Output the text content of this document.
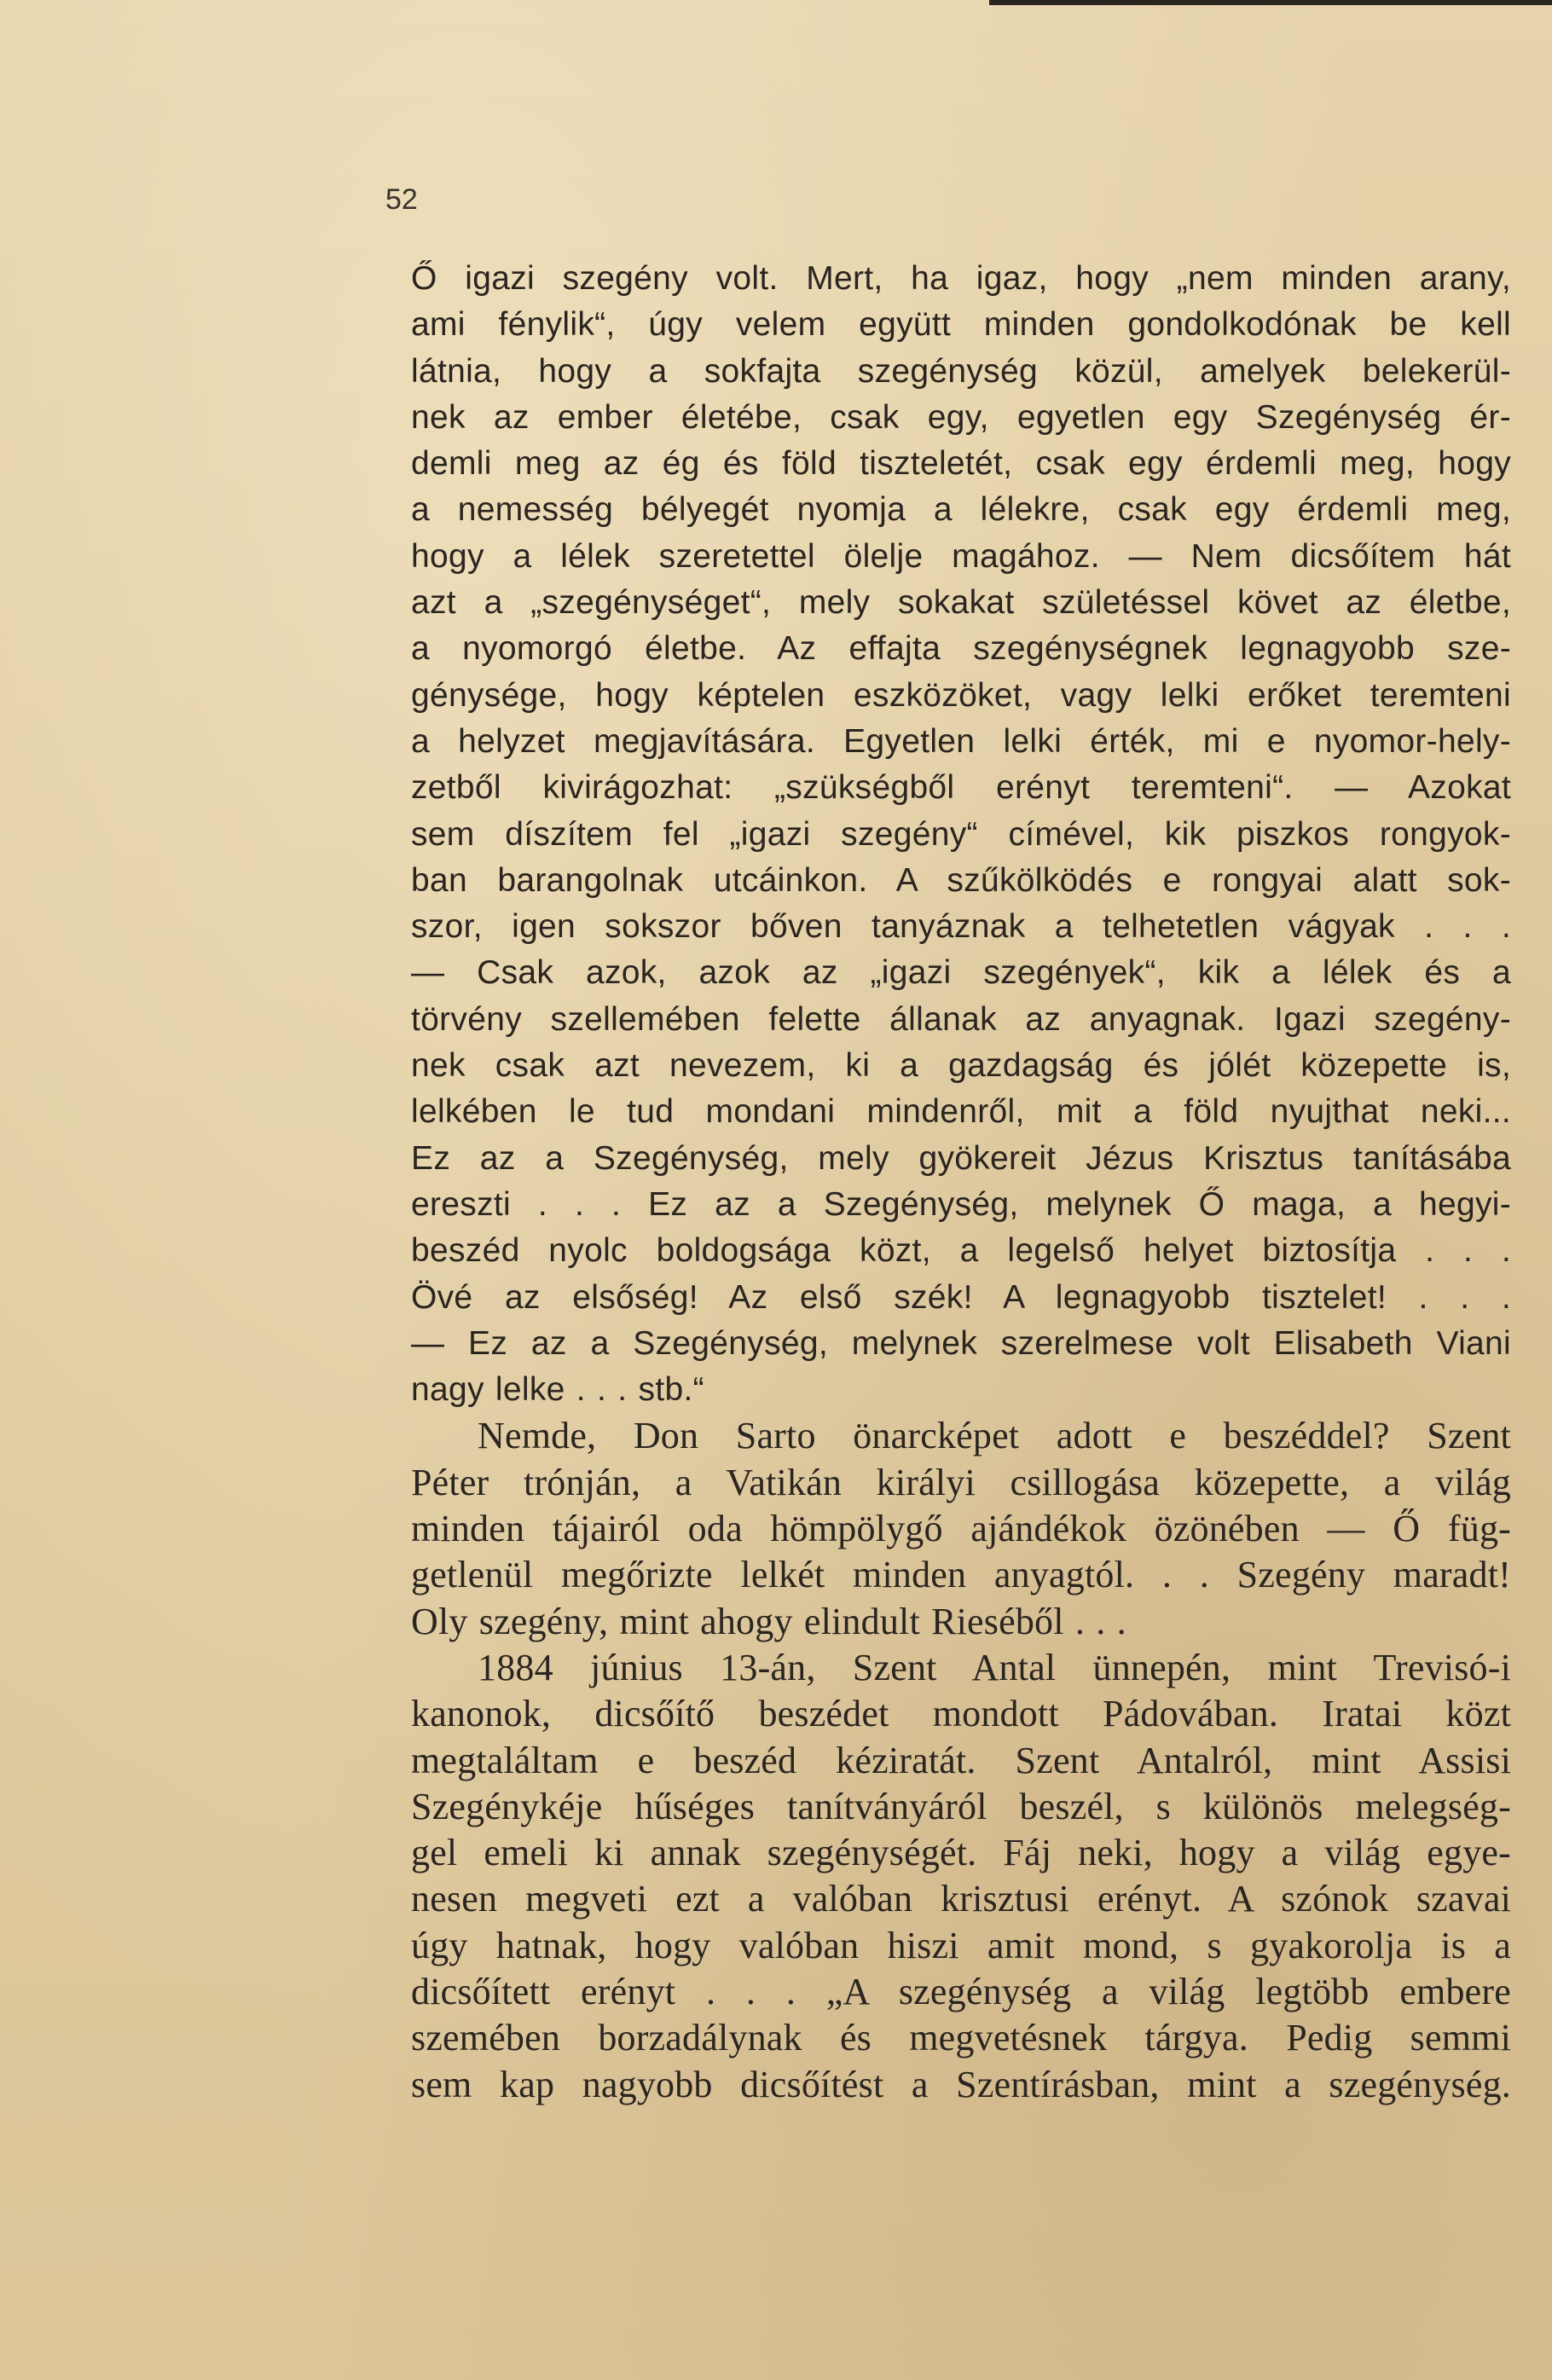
52
Ő igazi szegény volt. Mert, ha igaz, hogy „nem minden arany,
ami fénylik“, úgy velem együtt minden gondolkodónak be kell
látnia, hogy a sokfajta szegénység közül, amelyek belekerül-
nek az ember életébe, csak egy, egyetlen egy Szegénység ér-
demli meg az ég és föld tiszteletét, csak egy érdemli meg, hogy
a nemesség bélyegét nyomja a lélekre, csak egy érdemli meg,
hogy a lélek szeretettel ölelje magához. — Nem dicsőítem hát
azt a „szegénységet“, mely sokakat születéssel követ az életbe,
a nyomorgó életbe. Az effajta szegénységnek legnagyobb sze-
génysége, hogy képtelen eszközöket, vagy lelki erőket teremteni
a helyzet megjavítására. Egyetlen lelki érték, mi e nyomor-hely-
zetből kivirágozhat: „szükségből erényt teremteni“. — Azokat
sem díszítem fel „igazi szegény“ címével, kik piszkos rongyok-
ban barangolnak utcáinkon. A szűkölködés e rongyai alatt sok-
szor, igen sokszor bőven tanyáznak a telhetetlen vágyak . . .
— Csak azok, azok az „igazi szegények“, kik a lélek és a
törvény szellemében felette állanak az anyagnak. Igazi szegény-
nek csak azt nevezem, ki a gazdagság és jólét közepette is,
lelkében le tud mondani mindenről, mit a föld nyujthat neki...
Ez az a Szegénység, mely gyökereit Jézus Krisztus tanításába
ereszti . . . Ez az a Szegénység, melynek Ő maga, a hegyi-
beszéd nyolc boldogsága közt, a legelső helyet biztosítja . . .
Övé az elsőség! Az első szék! A legnagyobb tisztelet! . . .
— Ez az a Szegénység, melynek szerelmese volt Elisabeth Viani
nagy lelke . . . stb.“
Nemde, Don Sarto önarcképet adott e beszéddel? Szent
Péter trónján, a Vatikán királyi csillogása közepette, a világ
minden tájairól oda hömpölygő ajándékok özönében — Ő füg-
getlenül megőrizte lelkét minden anyagtól. . . Szegény maradt!
Oly szegény, mint ahogy elindult Rieséből . . .
1884 június 13-án, Szent Antal ünnepén, mint Trevisó-i
kanonok, dicsőítő beszédet mondott Pádovában. Iratai közt
megtaláltam e beszéd kéziratát. Szent Antalról, mint Assisi
Szegénykéje hűséges tanítványáról beszél, s különös melegség-
gel emeli ki annak szegénységét. Fáj neki, hogy a világ egye-
nesen megveti ezt a valóban krisztusi erényt. A szónok szavai
úgy hatnak, hogy valóban hiszi amit mond, s gyakorolja is a
dicsőített erényt . . . „A szegénység a világ legtöbb embere
szemében borzadálynak és megvetésnek tárgya. Pedig semmi
sem kap nagyobb dicsőítést a Szentírásban, mint a szegénység.
